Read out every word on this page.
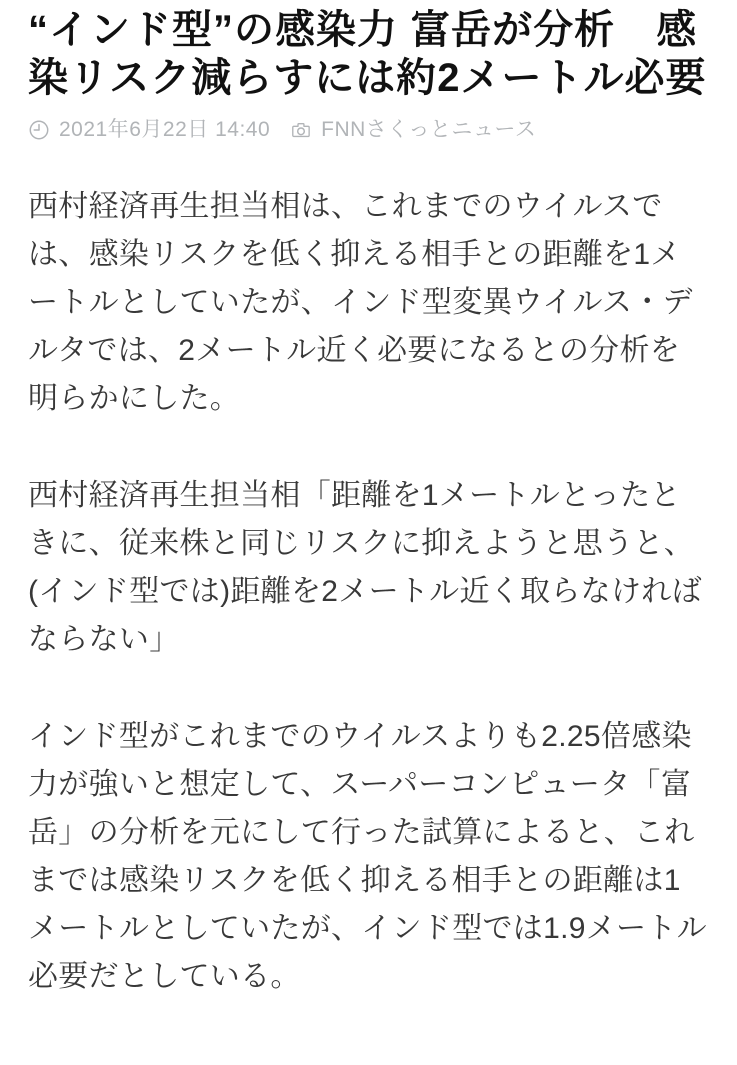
“インド型”の感染力 富岳が分析　感染リスク減らすには約2メートル必要
2021年6月22日 14:40 FNNさくっとニュース

西村経済再生担当相は、これまでのウイルスでは、感染リスクを低く抑える相手との距離を1メートルとしていたが、インド型変異ウイルス・デルタでは、2メートル近く必要になるとの分析を明らかにした。

西村経済再生担当相「距離を1メートルとったときに、従来株と同じリスクに抑えようと思うと、(インド型では)距離を2メートル近く取らなければならない」

インド型がこれまでのウイルスよりも2.25倍感染力が強いと想定して、スーパーコンピュータ「富岳」の分析を元にして行った試算によると、これまでは感染リスクを低く抑える相手との距離は1メートルとしていたが、インド型では1.9メートル必要だとしている。
